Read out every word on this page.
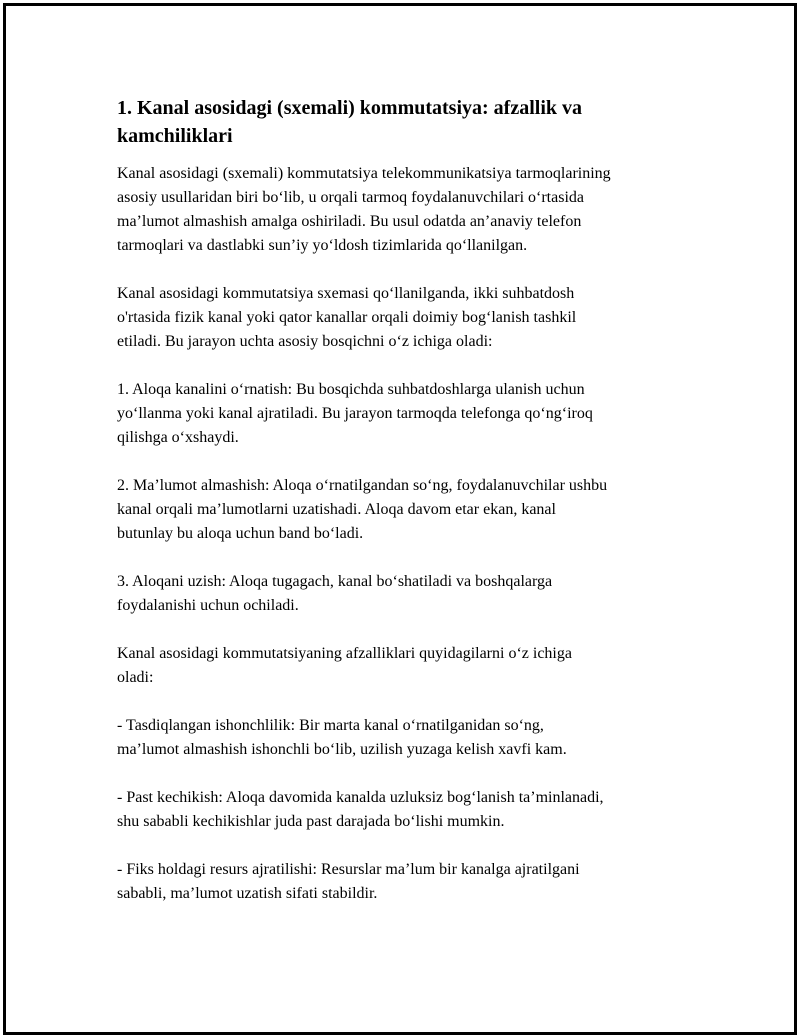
1. Kanal asosidagi (sxemali) kommutatsiya: afzallik va
kamchiliklari

Kanal asosidagi (sxemali) kommutatsiya telekommunikatsiya tarmoqlarining
asosiy usullaridan biri bo‘lib, u orqali tarmoq foydalanuvchilari o‘rtasida
ma’lumot almashish amalga oshiriladi. Bu usul odatda an’anaviy telefon
tarmoqlari va dastlabki sun’iy yo‘ldosh tizimlarida qo‘llanilgan.

Kanal asosidagi kommutatsiya sxemasi qo‘llanilganda, ikki suhbatdosh
o'rtasida fizik kanal yoki qator kanallar orqali doimiy bog‘lanish tashkil
etiladi. Bu jarayon uchta asosiy bosqichni o‘z ichiga oladi:

1. Aloqa kanalini o‘rnatish: Bu bosqichda suhbatdoshlarga ulanish uchun
yo‘llanma yoki kanal ajratiladi. Bu jarayon tarmoqda telefonga qo‘ng‘iroq
qilishga o‘xshaydi.

2. Ma’lumot almashish: Aloqa o‘rnatilgandan so‘ng, foydalanuvchilar ushbu
kanal orqali ma’lumotlarni uzatishadi. Aloqa davom etar ekan, kanal
butunlay bu aloqa uchun band bo‘ladi.

3. Aloqani uzish: Aloqa tugagach, kanal bo‘shatiladi va boshqalarga
foydalanishi uchun ochiladi.

Kanal asosidagi kommutatsiyaning afzalliklari quyidagilarni o‘z ichiga
oladi:

- Tasdiqlangan ishonchlilik: Bir marta kanal o‘rnatilganidan so‘ng,
ma’lumot almashish ishonchli bo‘lib, uzilish yuzaga kelish xavfi kam.

- Past kechikish: Aloqa davomida kanalda uzluksiz bog‘lanish ta’minlanadi,
shu sababli kechikishlar juda past darajada bo‘lishi mumkin.

- Fiks holdagi resurs ajratilishi: Resurslar ma’lum bir kanalga ajratilgani
sababli, ma’lumot uzatish sifati stabildir.
